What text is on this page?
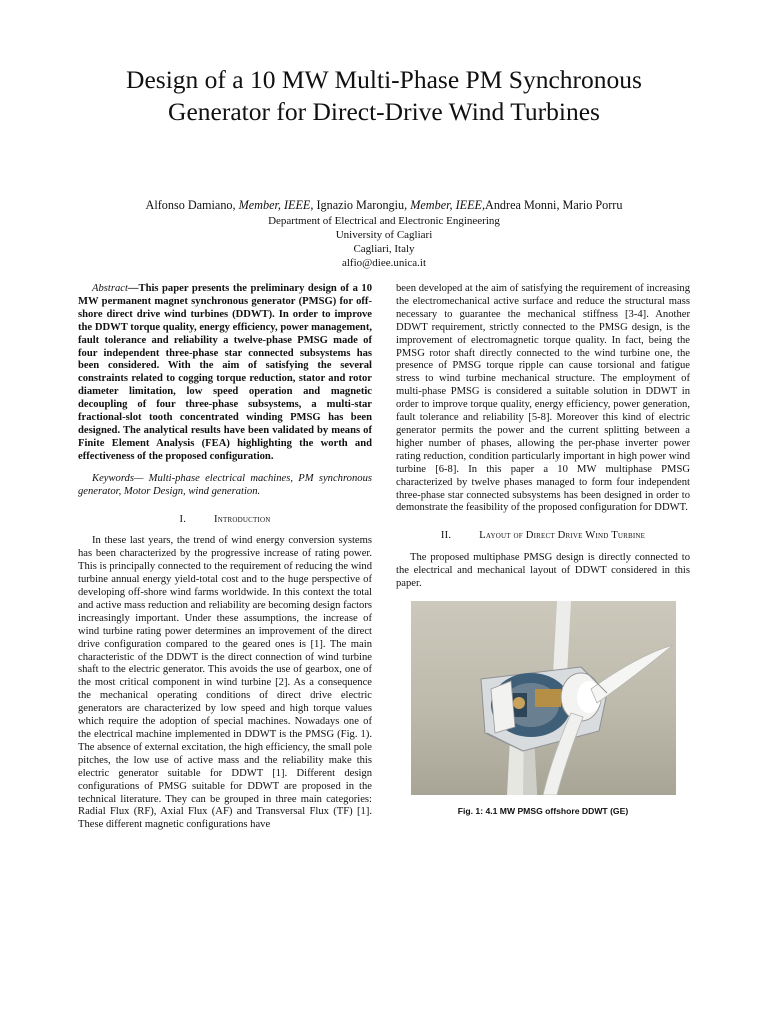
Design of a 10 MW Multi-Phase PM Synchronous
Generator for Direct-Drive Wind Turbines
Alfonso Damiano, Member, IEEE, Ignazio Marongiu, Member, IEEE,Andrea Monni, Mario Porru
Department of Electrical and Electronic Engineering
University of Cagliari
Cagliari, Italy
alfio@diee.unica.it

Abstract—This paper presents the preliminary design of a 10 MW permanent magnet synchronous generator (PMSG) for off-shore direct drive wind turbines (DDWT). In order to improve the DDWT torque quality, energy efficiency, power management, fault tolerance and reliability a twelve-phase PMSG made of four independent three-phase star connected subsystems has been considered. With the aim of satisfying the several constraints related to cogging torque reduction, stator and rotor diameter limitation, low speed operation and magnetic decoupling of four three-phase subsystems, a multi-star fractional-slot tooth concentrated winding PMSG has been designed. The analytical results have been validated by means of Finite Element Analysis (FEA) highlighting the worth and effectiveness of the proposed configuration.

Keywords— Multi-phase electrical machines, PM synchronous generator, Motor Design, wind generation.

I.	Introduction

In these last years, the trend of wind energy conversion systems has been characterized by the progressive increase of rating power. This is principally connected to the requirement of reducing the wind turbine annual energy yield-total cost and to the huge perspective of developing off-shore wind farms worldwide. In this context the total and active mass reduction and reliability are becoming design factors increasingly important. Under these assumptions, the increase of wind turbine rating power determines an improvement of the direct drive configuration compared to the geared ones is [1]. The main characteristic of the DDWT is the direct connection of wind turbine shaft to the electric generator. This avoids the use of gearbox, one of the most critical component in wind turbine [2]. As a consequence the mechanical operating conditions of direct drive electric generators are characterized by low speed and high torque values which require the adoption of special machines. Nowadays one of the electrical machine implemented in DDWT is the PMSG (Fig. 1). The absence of external excitation, the high efficiency, the small pole pitches, the low use of active mass and the reliability make this electric generator suitable for DDWT [1]. Different design configurations of PMSG suitable for DDWT are proposed in the technical literature. They can be grouped in three main categories: Radial Flux (RF), Axial Flux (AF) and Transversal Flux (TF) [1]. These different magnetic configurations have

been developed at the aim of satisfying the requirement of increasing the electromechanical active surface and reduce the structural mass necessary to guarantee the mechanical stiffness [3-4]. Another DDWT requirement, strictly connected to the PMSG design, is the improvement of electromagnetic torque quality. In fact, being the PMSG rotor shaft directly connected to the wind turbine one, the presence of PMSG torque ripple can cause torsional and fatigue stress to wind turbine mechanical structure. The employment of multi-phase PMSG is considered a suitable solution in DDWT in order to improve torque quality, energy efficiency, power generation, fault tolerance and reliability [5-8]. Moreover this kind of electric generator permits the power and the current splitting between a higher number of phases, allowing the per-phase inverter power rating reduction, condition particularly important in high power wind turbine [6-8]. In this paper a 10 MW multiphase PMSG characterized by twelve phases managed to form four independent three-phase star connected subsystems has been designed in order to demonstrate the feasibility of the proposed configuration for DDWT.

II.	Layout of Direct Drive Wind Turbine

The proposed multiphase PMSG design is directly connected to the electrical and mechanical layout of DDWT considered in this paper.

Fig. 1: 4.1 MW PMSG offshore DDWT (GE)
